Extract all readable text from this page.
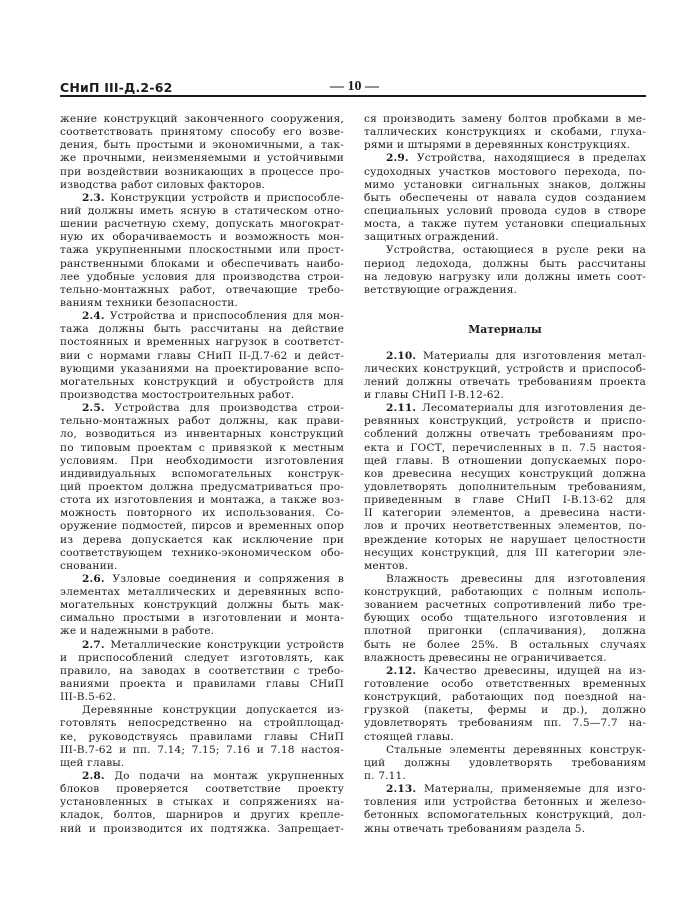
СНиП III-Д.2-62	— 10 —
жение конструкций законченного сооружения,
соответствовать принятому способу его возве-
дения, быть простыми и экономичными, а так-
же прочными, неизменяемыми и устойчивыми
при воздействии возникающих в процессе про-
изводства работ силовых факторов.
2.3. Конструкции устройств и приспособле-
ний должны иметь ясную в статическом отно-
шении расчетную схему, допускать многократ-
ную их оборачиваемость и возможность мон-
тажа укрупненными плоскостными или прост-
ранственными блоками и обеспечивать наибо-
лее удобные условия для производства строи-
тельно-монтажных работ, отвечающие требо-
ваниям техники безопасности.
2.4. Устройства и приспособления для мон-
тажа должны быть рассчитаны на действие
постоянных и временных нагрузок в соответст-
вии с нормами главы СНиП II-Д.7-62 и дейст-
вующими указаниями на проектирование вспо-
могательных конструкций и обустройств для
производства мостостроительных работ.
2.5. Устройства для производства строи-
тельно-монтажных работ должны, как прави-
ло, возводиться из инвентарных конструкций
по типовым проектам с привязкой к местным
условиям. При необходимости изготовления
индивидуальных вспомогательных конструк-
ций проектом должна предусматриваться про-
стота их изготовления и монтажа, а также воз-
можность повторного их использования. Со-
оружение подмостей, пирсов и временных опор
из дерева допускается как исключение при
соответствующем технико-экономическом обо-
сновании.
2.6. Узловые соединения и сопряжения в
элементах металлических и деревянных вспо-
могательных конструкций должны быть мак-
симально простыми в изготовлении и монта-
же и надежными в работе.
2.7. Металлические конструкции устройств
и приспособлений следует изготовлять, как
правило, на заводах в соответствии с требо-
ваниями проекта и правилами главы СНиП
III-В.5-62.
Деревянные конструкции допускается из-
готовлять непосредственно на стройплощад-
ке, руководствуясь правилами главы СНиП
III-В.7-62 и пп. 7.14; 7.15; 7.16 и 7.18 настоя-
щей главы.
2.8. До подачи на монтаж укрупненных
блоков проверяется соответствие проекту
установленных в стыках и сопряжениях на-
кладок, болтов, шарниров и других крепле-
ний и производится их подтяжка. Запрещает-
ся производить замену болтов пробками в ме-
таллических конструкциях и скобами, глуха-
рями и штырями в деревянных конструкциях.
2.9. Устройства, находящиеся в пределах
судоходных участков мостового перехода, по-
мимо установки сигнальных знаков, должны
быть обеспечены от навала судов созданием
специальных условий провода судов в створе
моста, а также путем установки специальных
защитных ограждений.
Устройства, остающиеся в русле реки на
период ледохода, должны быть рассчитаны
на ледовую нагрузку или должны иметь соот-
ветствующие ограждения.
Материалы
2.10. Материалы для изготовления метал-
лических конструкций, устройств и приспособ-
лений должны отвечать требованиям проекта
и главы СНиП I-В.12-62.
2.11. Лесоматериалы для изготовления де-
ревянных конструкций, устройств и приспо-
соблений должны отвечать требованиям про-
екта и ГОСТ, перечисленных в п. 7.5 настоя-
щей главы. В отношении допускаемых поро-
ков древесина несущих конструкций должна
удовлетворять дополнительным требованиям,
приведенным в главе СНиП I-В.13-62 для
II категории элементов, а древесина насти-
лов и прочих неответственных элементов, по-
вреждение которых не нарушает целостности
несущих конструкций, для III категории эле-
ментов.
Влажность древесины для изготовления
конструкций, работающих с полным исполь-
зованием расчетных сопротивлений либо тре-
бующих особо тщательного изготовления и
плотной пригонки (сплачивания), должна
быть не более 25%. В остальных случаях
влажность древесины не ограничивается.
2.12. Качество древесины, идущей на из-
готовление особо ответственных временных
конструкций, работающих под поездной на-
грузкой (пакеты, фермы и др.), должно
удовлетворять требованиям пп. 7.5—7.7 на-
стоящей главы.
Стальные элементы деревянных конструк-
ций должны удовлетворять требованиям
п. 7.11.
2.13. Материалы, применяемые для изго-
товления или устройства бетонных и железо-
бетонных вспомогательных конструкций, дол-
жны отвечать требованиям раздела 5.
